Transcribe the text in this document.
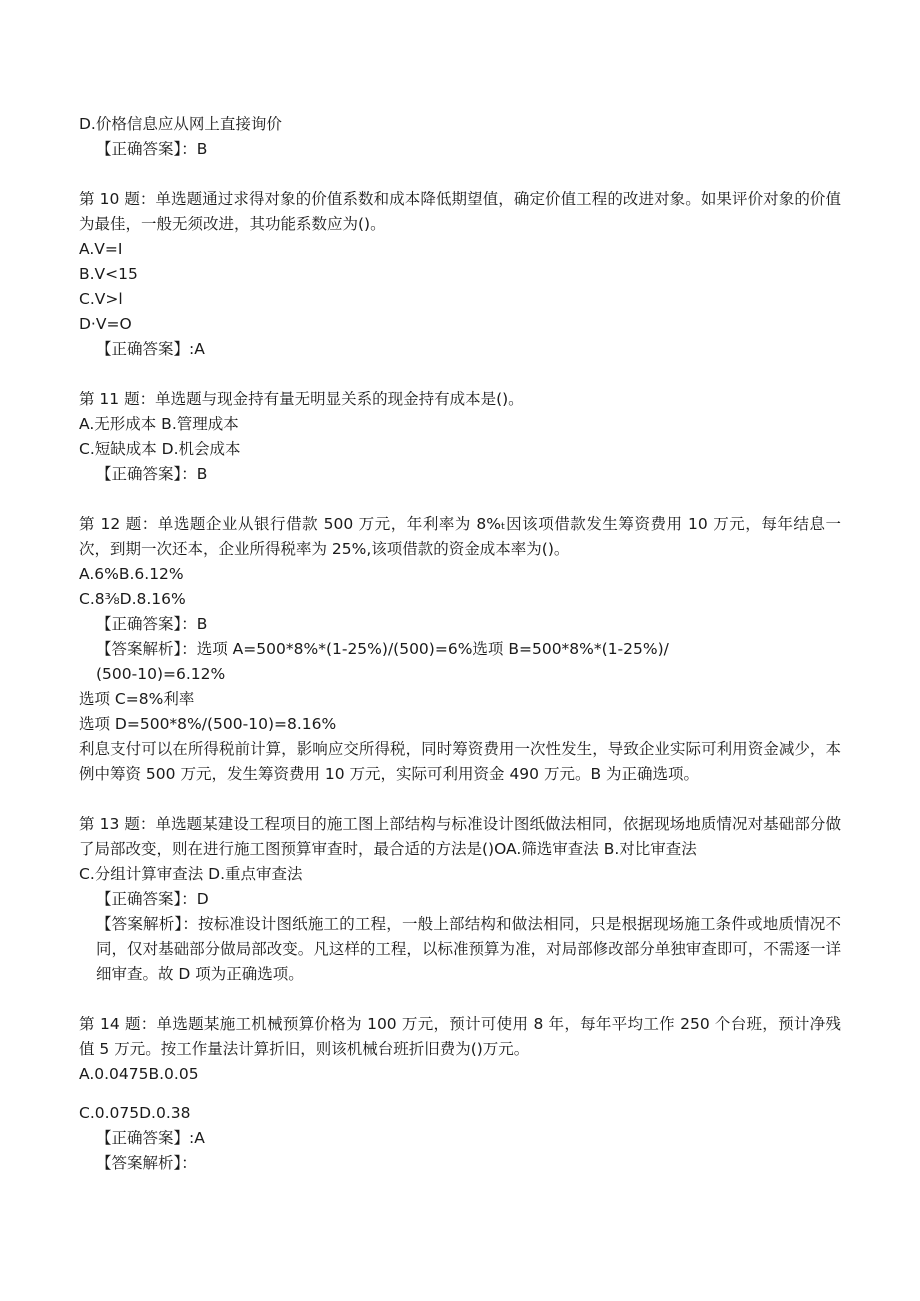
D.价格信息应从网上直接询价
【正确答案】：B
第 10 题：单选题通过求得对象的价值系数和成本降低期望值，确定价值工程的改进对象。如果评价对象的价值为最佳，一般无须改进，其功能系数应为()。
A.V=I
B.V<15
C.V>l
D·V=O
【正确答案】:A
第 11 题：单选题与现金持有量无明显关系的现金持有成本是()。
A.无形成本 B.管理成本
C.短缺成本 D.机会成本
【正确答案】：B
第 12 题：单选题企业从银行借款 500 万元，年利率为 8%ₜ因该项借款发生筹资费用 10 万元，每年结息一次，到期一次还本，企业所得税率为 25%,该项借款的资金成本率为()。
A.6%B.6.12%
C.8⅜D.8.16%
【正确答案】：B
【答案解析】：选项 A=500*8%*(1-25%)/(500)=6%选项 B=500*8%*(1-25%)/
(500-10)=6.12%
选项 C=8%利率
选项 D=500*8%/(500-10)=8.16%
利息支付可以在所得税前计算，影响应交所得税，同时筹资费用一次性发生，导致企业实际可利用资金减少，本例中筹资 500 万元，发生筹资费用 10 万元，实际可利用资金 490 万元。B 为正确选项。
第 13 题：单选题某建设工程项目的施工图上部结构与标准设计图纸做法相同，依据现场地质情况对基础部分做了局部改变，则在进行施工图预算审查时，最合适的方法是()OA.筛选审查法 B.对比审查法
C.分组计算审查法 D.重点审查法
【正确答案】：D
【答案解析】：按标准设计图纸施工的工程，一般上部结构和做法相同，只是根据现场施工条件或地质情况不同，仅对基础部分做局部改变。凡这样的工程，以标准预算为准，对局部修改部分单独审查即可，不需逐一详细审查。故 D 项为正确选项。
第 14 题：单选题某施工机械预算价格为 100 万元，预计可使用 8 年，每年平均工作 250 个台班，预计净残值 5 万元。按工作量法计算折旧，则该机械台班折旧费为()万元。
A.0.0475B.0.05
C.0.075D.0.38
【正确答案】:A
【答案解析】：
